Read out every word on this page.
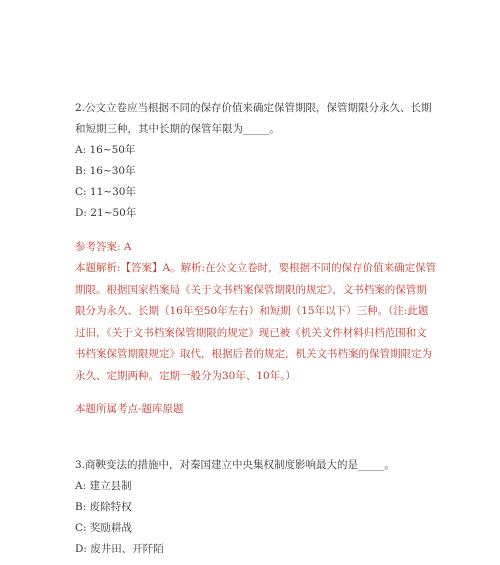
2.公文立卷应当根据不同的保存价值来确定保管期限，保管期限分永久、长期
和短期三种，其中长期的保管年限为_____。
A: 16~50年
B: 16~30年
C: 11~30年
D: 21~50年
参考答案: A
本题解析:【答案】A。解析:在公文立卷时，要根据不同的保存价值来确定保管
期限。根据国家档案局《关于文书档案保管期限的规定》，文书档案的保管期
限分为永久、长期（16年至50年左右）和短期（15年以下）三种。（注:此题
过旧，《关于文书档案保管期限的规定》现已被《机关文件材料归档范围和文
书档案保管期限规定》取代，根据后者的规定，机关文书档案的保管期限定为
永久、定期两种。定期一般分为30年、10年。）
本题所属考点-题库原题
3.商鞅变法的措施中，对秦国建立中央集权制度影响最大的是_____。
A: 建立县制
B: 废除特权
C: 奖励耕战
D: 废井田、开阡陌
